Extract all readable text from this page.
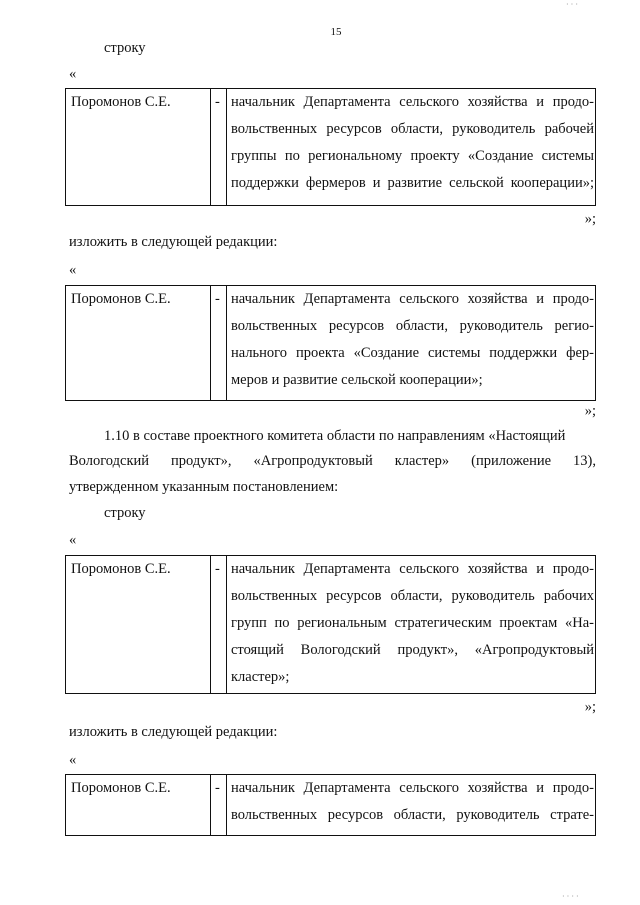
15
· · ·
· · · ·
строку
«
Поромонов С.Е.	- начальник Департамента сельского хозяйства и продо-
вольственных ресурсов области, руководитель рабочей
группы по региональному проекту «Создание системы
поддержки фермеров и развитие сельской кооперации»;
»;
изложить в следующей редакции:
«
Поромонов С.Е.	- начальник Департамента сельского хозяйства и продо-
вольственных ресурсов области, руководитель регио-
нального проекта «Создание системы поддержки фер-
меров и развитие сельской кооперации»;
»;
1.10 в составе проектного комитета области по направлениям «Настоящий
Вологодский продукт», «Агропродуктовый кластер» (приложение 13),
утвержденном указанным постановлением:
строку
«
Поромонов С.Е.	- начальник Департамента сельского хозяйства и продо-
вольственных ресурсов области, руководитель рабочих
групп по региональным стратегическим проектам «На-
стоящий Вологодский продукт», «Агропродуктовый
кластер»;
»;
изложить в следующей редакции:
«
Поромонов С.Е.	- начальник Департамента сельского хозяйства и продо-
вольственных ресурсов области, руководитель страте-
